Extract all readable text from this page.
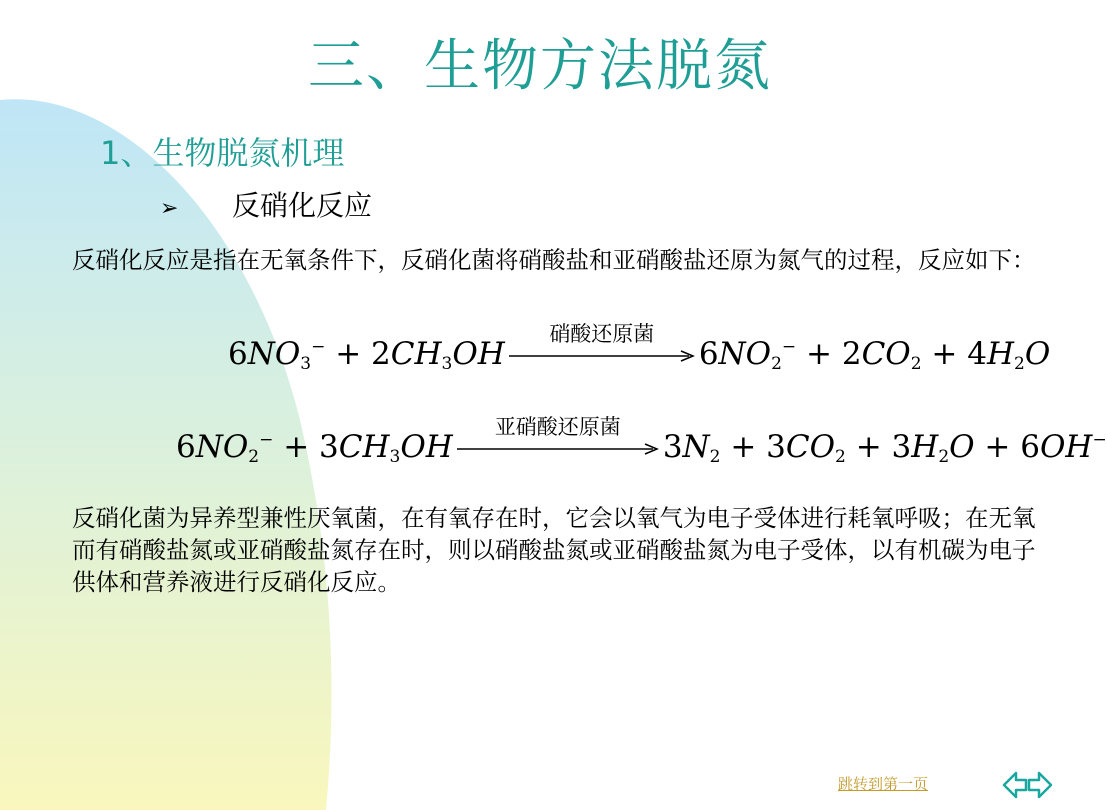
三、生物方法脱氮
1、生物脱氮机理
➢ 反硝化反应
反硝化反应是指在无氧条件下，反硝化菌将硝酸盐和亚硝酸盐还原为氮气的过程，反应如下：
$6NO_3^- + 2CH_3OH$
硝酸还原菌
$6NO_2^- + 2CO_2 + 4H_2O$
$6NO_2^- + 3CH_3OH$
亚硝酸还原菌
$3N_2 + 3CO_2 + 3H_2O + 6OH^-$
反硝化菌为异养型兼性厌氧菌，在有氧存在时，它会以氧气为电子受体进行耗氧呼吸；在无氧而有硝酸盐氮或亚硝酸盐氮存在时，则以硝酸盐氮或亚硝酸盐氮为电子受体，以有机碳为电子供体和营养液进行反硝化反应。
跳转到第一页
